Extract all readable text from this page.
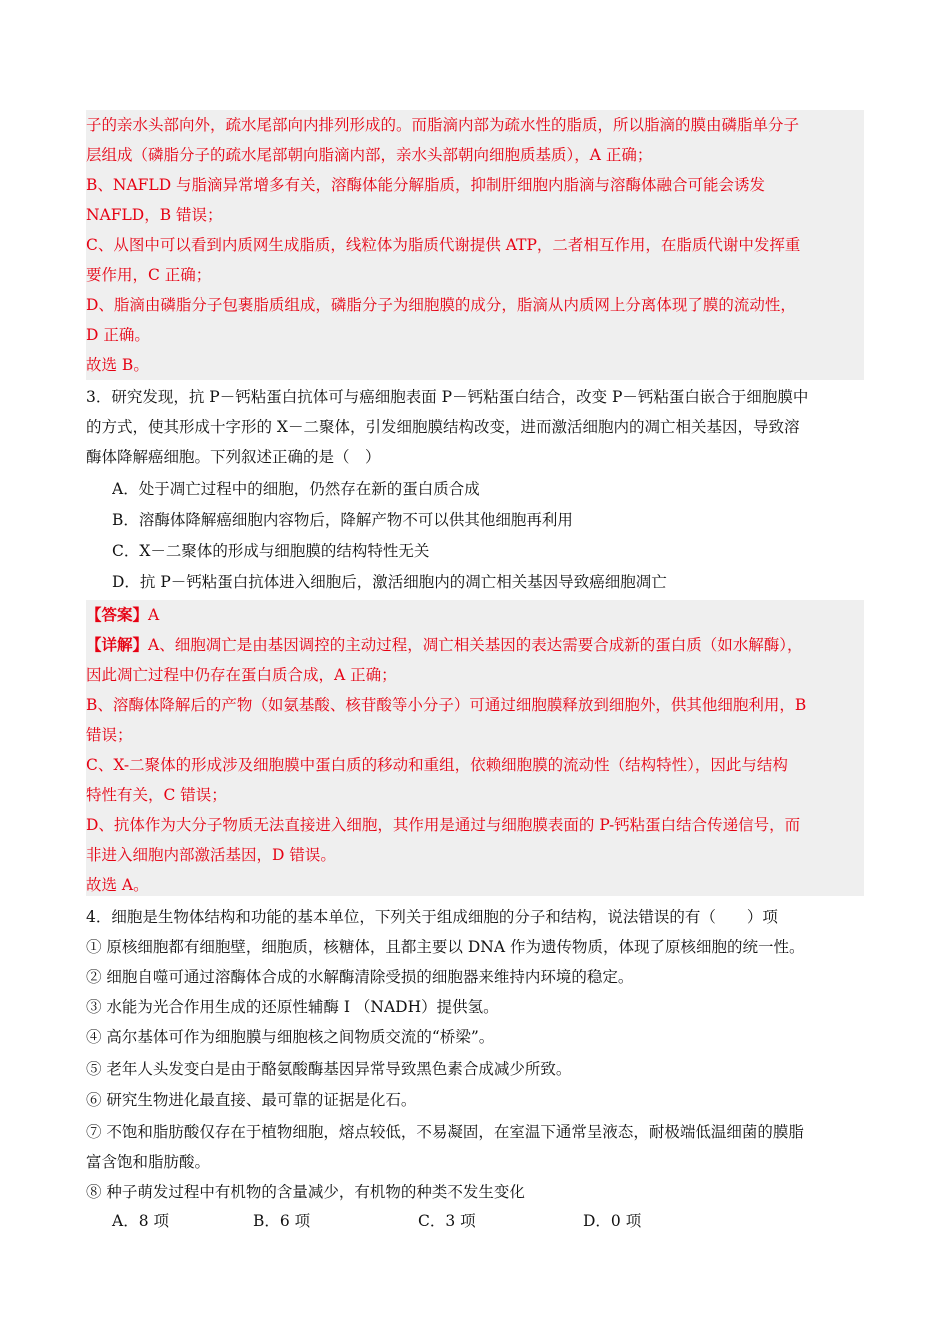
子的亲水头部向外，疏水尾部向内排列形成的。而脂滴内部为疏水性的脂质，所以脂滴的膜由磷脂单分子
层组成（磷脂分子的疏水尾部朝向脂滴内部，亲水头部朝向细胞质基质），A 正确；
B、NAFLD 与脂滴异常增多有关，溶酶体能分解脂质，抑制肝细胞内脂滴与溶酶体融合可能会诱发
NAFLD，B 错误；
C、从图中可以看到内质网生成脂质，线粒体为脂质代谢提供 ATP，二者相互作用，在脂质代谢中发挥重
要作用，C 正确；
D、脂滴由磷脂分子包裹脂质组成，磷脂分子为细胞膜的成分，脂滴从内质网上分离体现了膜的流动性，
D 正确。
故选 B。
3．研究发现，抗 P－钙粘蛋白抗体可与癌细胞表面 P－钙粘蛋白结合，改变 P－钙粘蛋白嵌合于细胞膜中
的方式，使其形成十字形的 X－二聚体，引发细胞膜结构改变，进而激活细胞内的凋亡相关基因，导致溶
酶体降解癌细胞。下列叙述正确的是（　）
A．处于凋亡过程中的细胞，仍然存在新的蛋白质合成
B．溶酶体降解癌细胞内容物后，降解产物不可以供其他细胞再利用
C．X－二聚体的形成与细胞膜的结构特性无关
D．抗 P－钙粘蛋白抗体进入细胞后，激活细胞内的凋亡相关基因导致癌细胞凋亡
【答案】A
【详解】A、细胞凋亡是由基因调控的主动过程，凋亡相关基因的表达需要合成新的蛋白质（如水解酶），
因此凋亡过程中仍存在蛋白质合成，A 正确；
B、溶酶体降解后的产物（如氨基酸、核苷酸等小分子）可通过细胞膜释放到细胞外，供其他细胞利用，B
错误；
C、X-二聚体的形成涉及细胞膜中蛋白质的移动和重组，依赖细胞膜的流动性（结构特性），因此与结构
特性有关，C 错误；
D、抗体作为大分子物质无法直接进入细胞，其作用是通过与细胞膜表面的 P-钙粘蛋白结合传递信号，而
非进入细胞内部激活基因，D 错误。
故选 A。
4．细胞是生物体结构和功能的基本单位，下列关于组成细胞的分子和结构，说法错误的有（　　）项
① 原核细胞都有细胞壁，细胞质，核糖体，且都主要以 DNA 作为遗传物质，体现了原核细胞的统一性。
② 细胞自噬可通过溶酶体合成的水解酶清除受损的细胞器来维持内环境的稳定。
③ 水能为光合作用生成的还原性辅酶 I （NADH）提供氢。
④ 高尔基体可作为细胞膜与细胞核之间物质交流的“桥梁”。
⑤ 老年人头发变白是由于酪氨酸酶基因异常导致黑色素合成减少所致。
⑥ 研究生物进化最直接、最可靠的证据是化石。
⑦ 不饱和脂肪酸仅存在于植物细胞，熔点较低，不易凝固，在室温下通常呈液态，耐极端低温细菌的膜脂
富含饱和脂肪酸。
⑧ 种子萌发过程中有机物的含量减少，有机物的种类不发生变化
A．8 项	B．6 项	C．3 项	D．0 项
